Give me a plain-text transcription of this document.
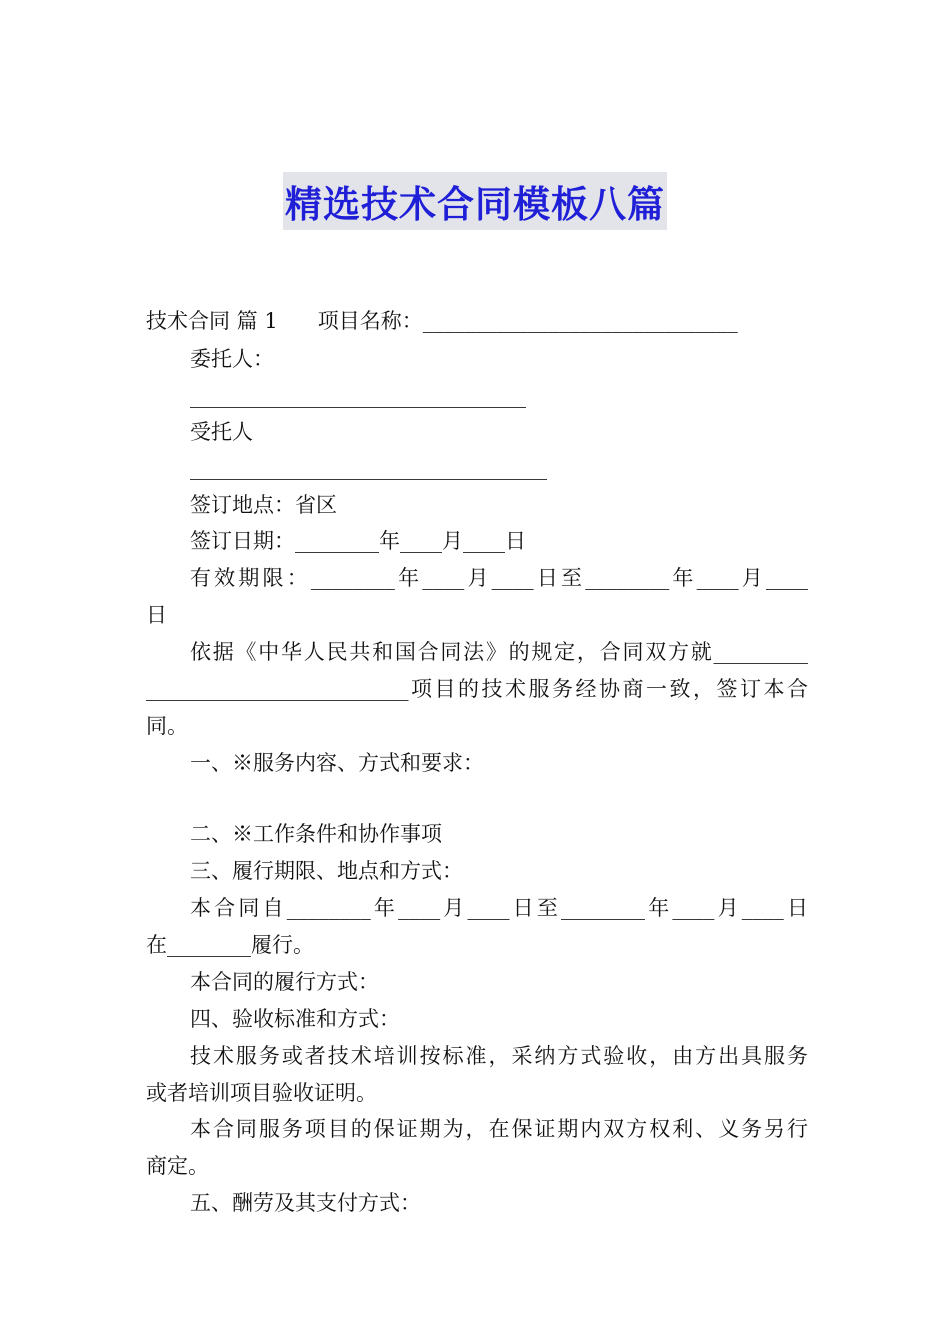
精选技术合同模板八篇
技术合同 篇 1 项目名称：______________________________
委托人：
________________________________
受托人
__________________________________
签订地点：省区
签订日期：________年____月____日
有效期限：________年____月____日至________年____月____
日
依据《中华人民共和国合同法》的规定，合同双方就_________
_________________________项目的技术服务经协商一致，签订本合
同。
一、※服务内容、方式和要求：
二、※工作条件和协作事项
三、履行期限、地点和方式：
本合同自________年____月____日至________年____月____日
在________履行。
本合同的履行方式：
四、验收标准和方式：
技术服务或者技术培训按标准，采纳方式验收，由方出具服务
或者培训项目验收证明。
本合同服务项目的保证期为，在保证期内双方权利、义务另行
商定。
五、酬劳及其支付方式：
